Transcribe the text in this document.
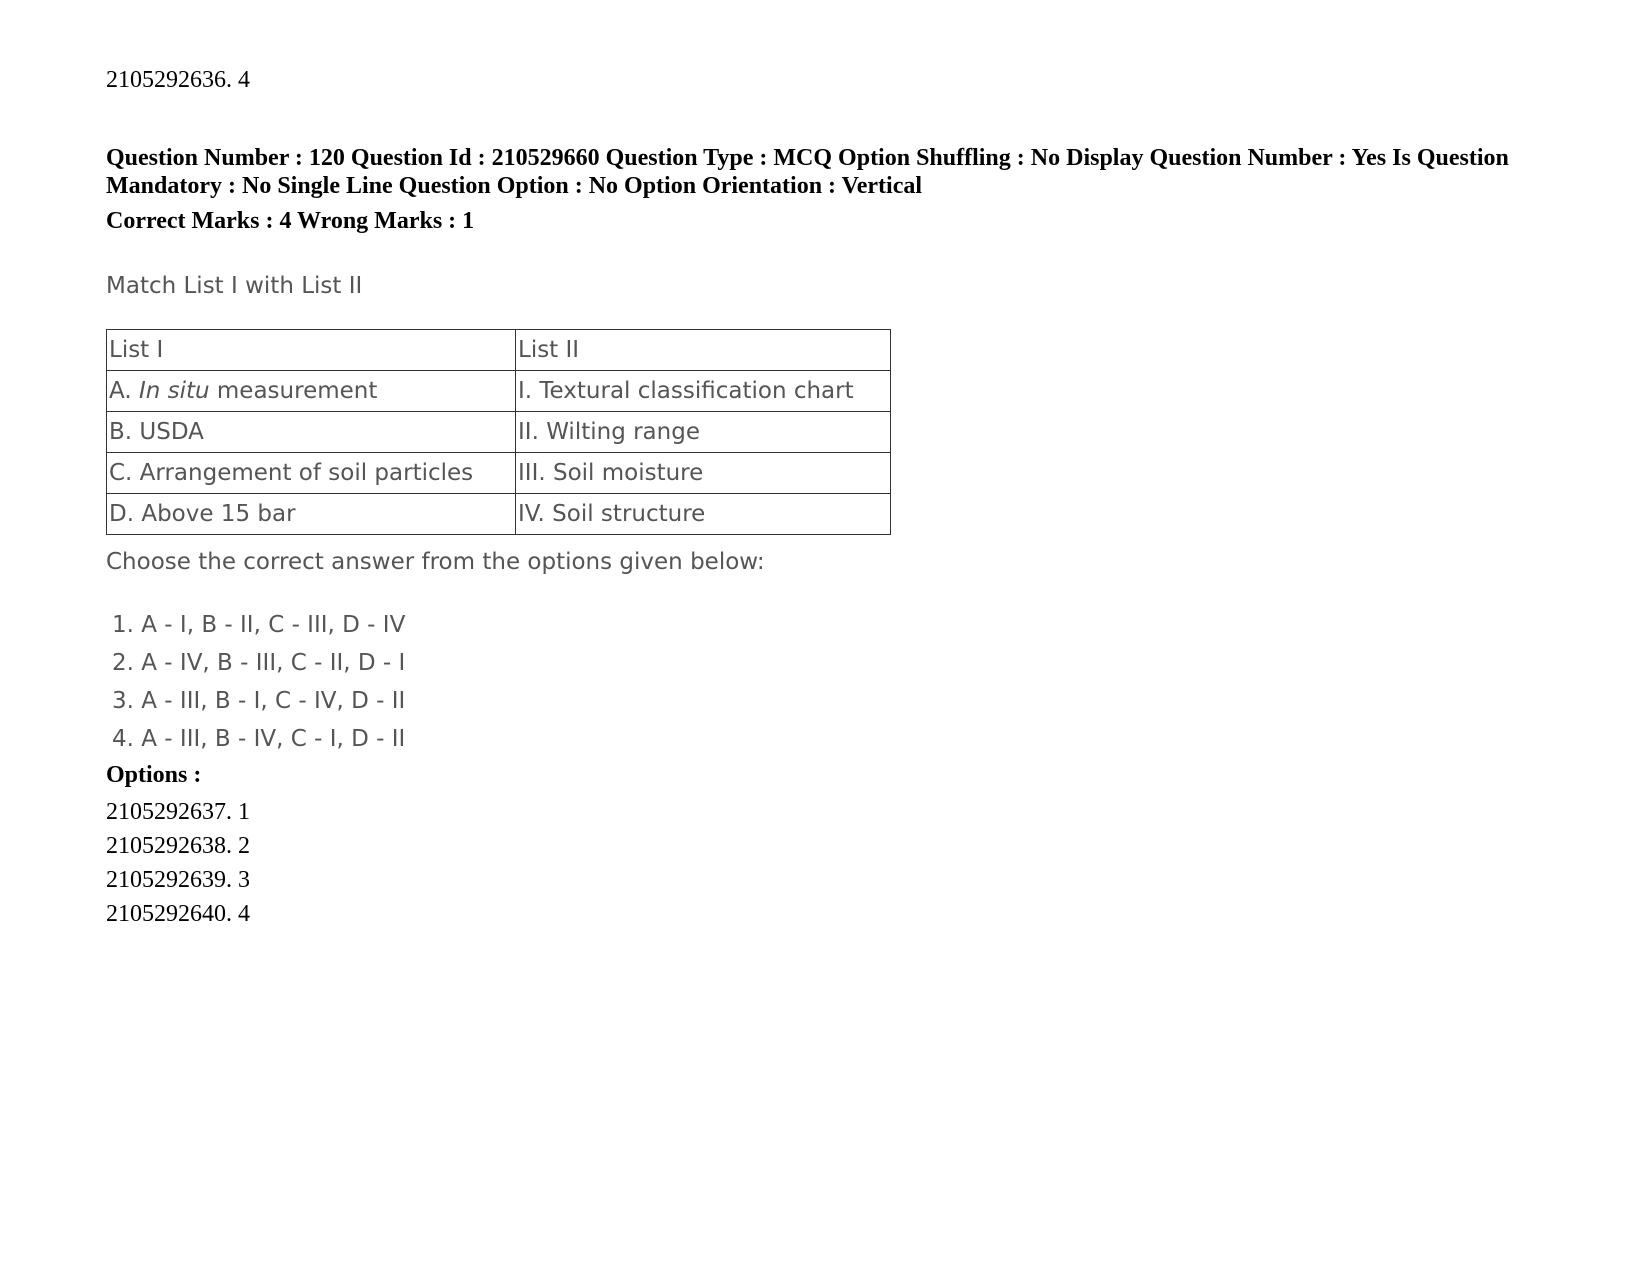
2105292636. 4
Question Number : 120 Question Id : 210529660 Question Type : MCQ Option Shuffling : No Display Question Number : Yes Is Question Mandatory : No Single Line Question Option : No Option Orientation : Vertical
Correct Marks : 4 Wrong Marks : 1
Match List I with List II
List I	List II
A. In situ measurement	I. Textural classification chart
B. USDA	II. Wilting range
C. Arrangement of soil particles	III. Soil moisture
D. Above 15 bar	IV. Soil structure
Choose the correct answer from the options given below:
1. A - I, B - II, C - III, D - IV
2. A - IV, B - III, C - II, D - I
3. A - III, B - I, C - IV, D - II
4. A - III, B - IV, C - I, D - II
Options :
2105292637. 1
2105292638. 2
2105292639. 3
2105292640. 4
